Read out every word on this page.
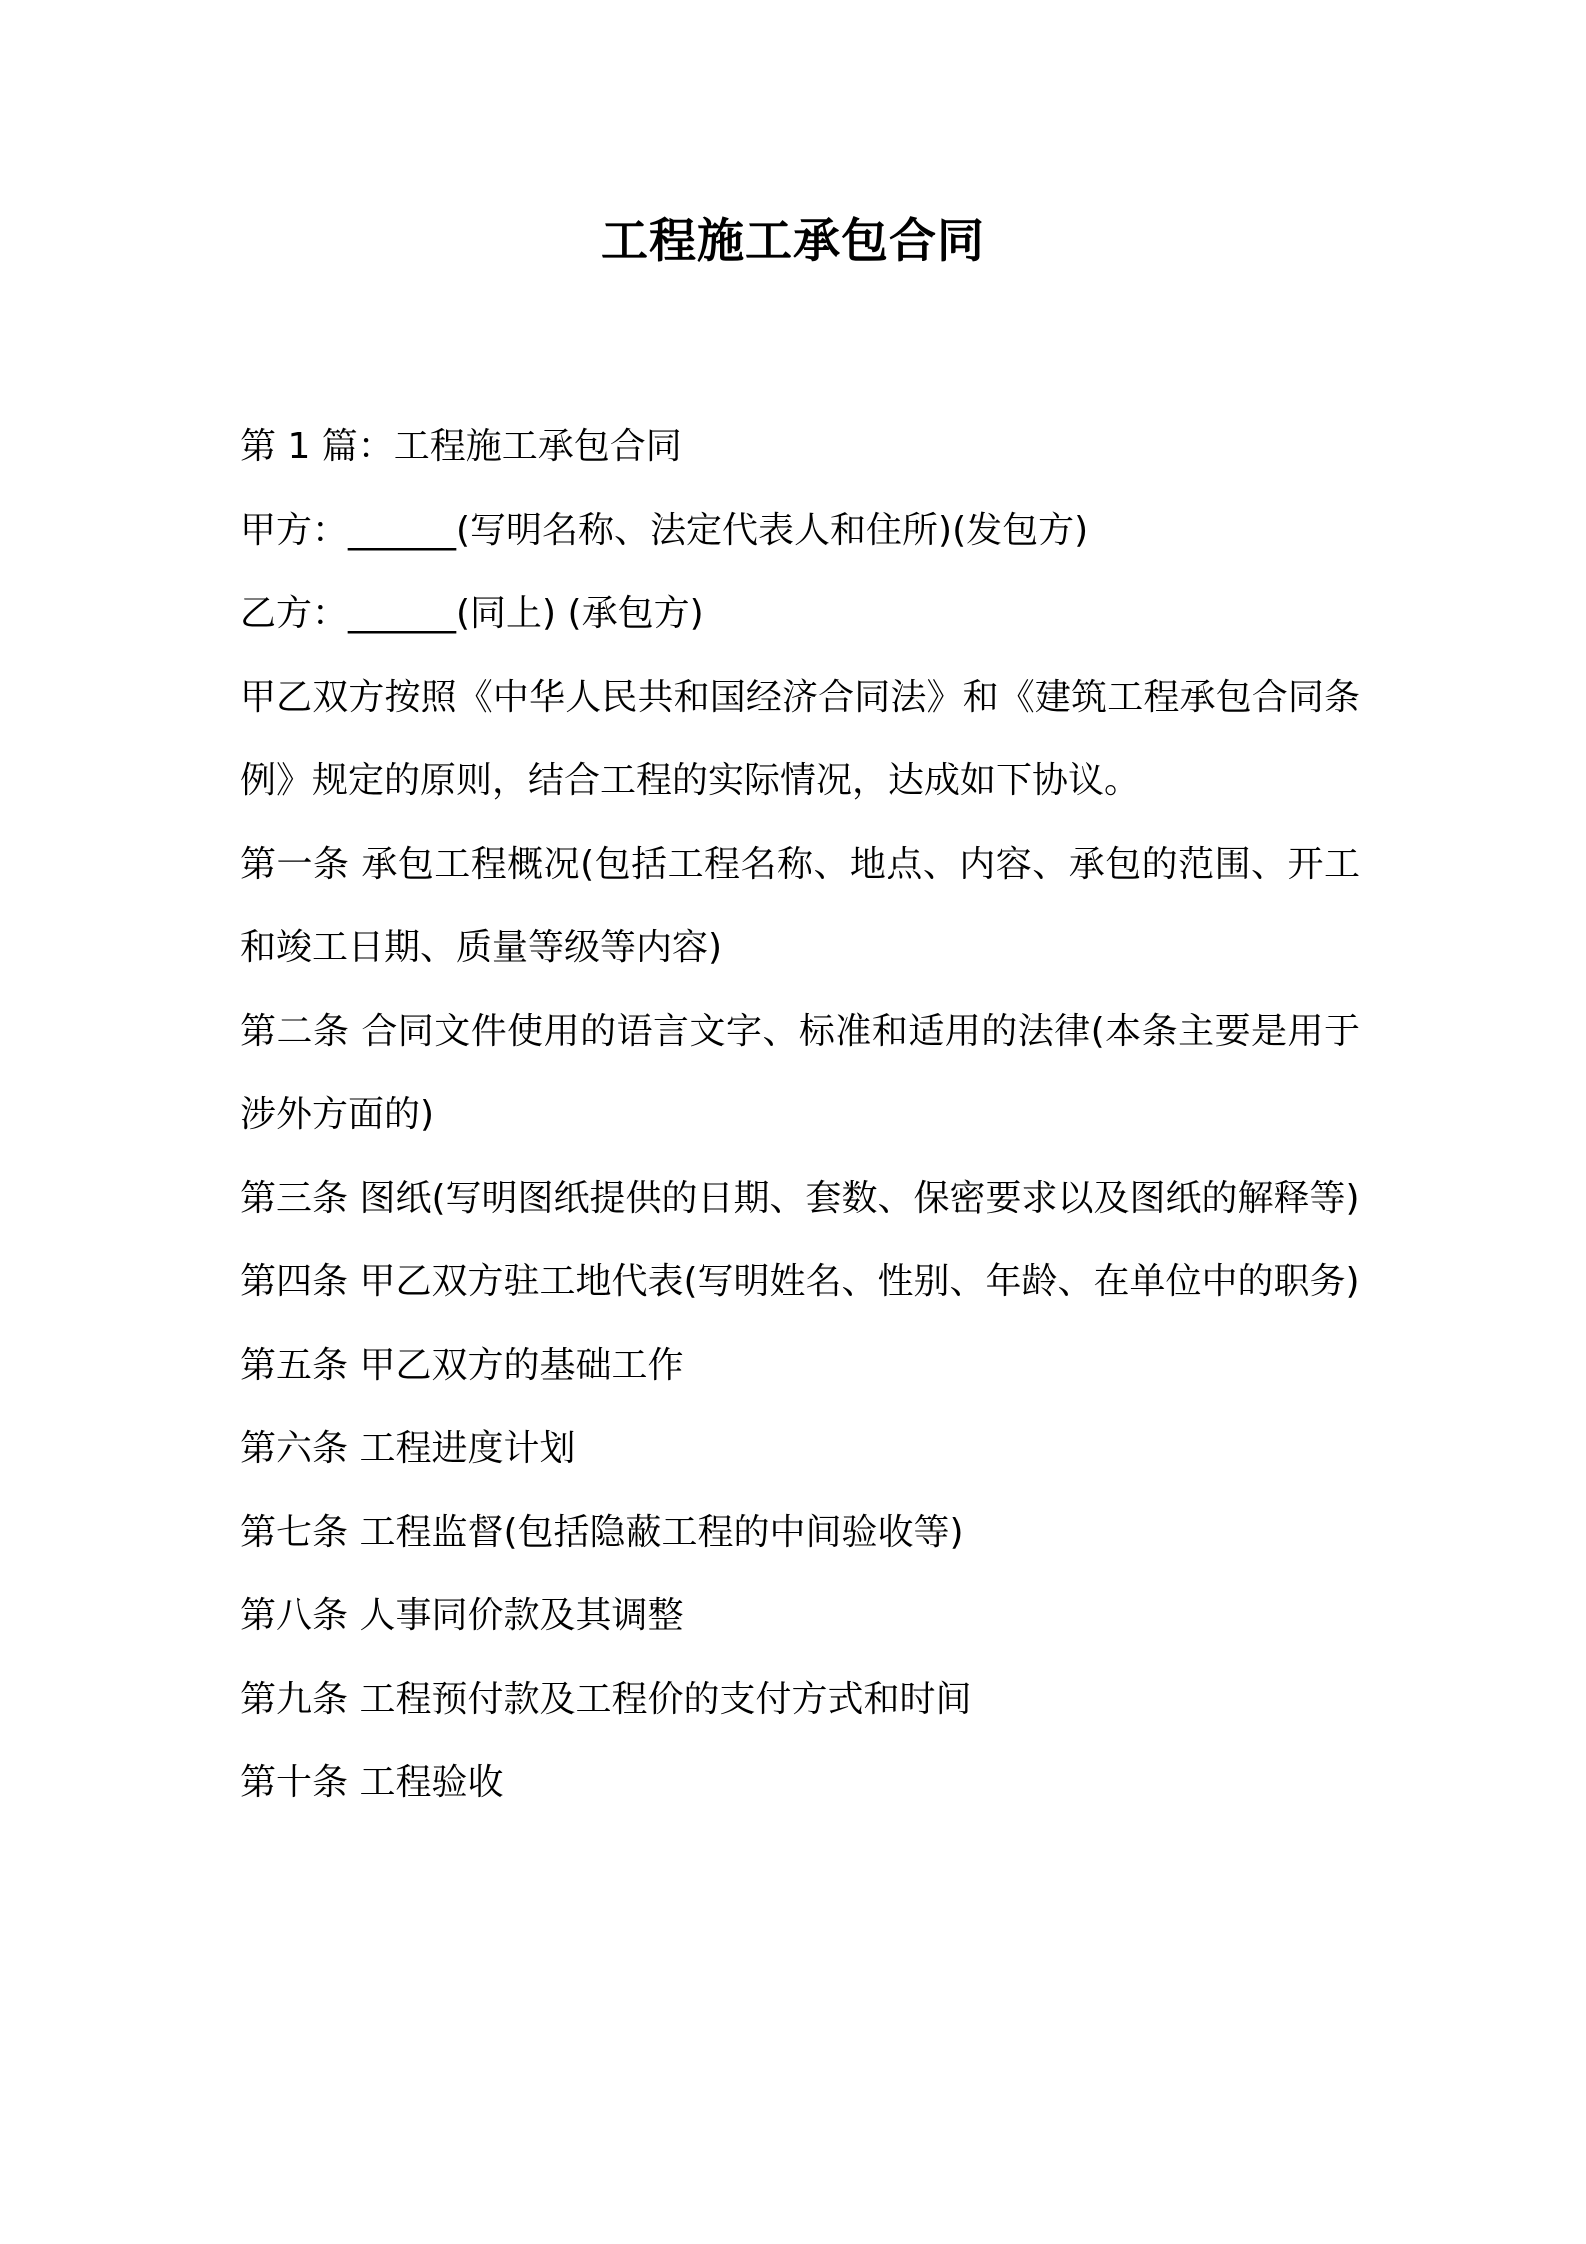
工程施工承包合同

第 1 篇：工程施工承包合同

甲方：______(写明名称、法定代表人和住所)(发包方)

乙方：______(同上) (承包方)

甲乙双方按照《中华人民共和国经济合同法》和《建筑工程承包合同条例》规定的原则，结合工程的实际情况，达成如下协议。

第一条 承包工程概况(包括工程名称、地点、内容、承包的范围、开工和竣工日期、质量等级等内容)

第二条 合同文件使用的语言文字、标准和适用的法律(本条主要是用于涉外方面的)

第三条 图纸(写明图纸提供的日期、套数、保密要求以及图纸的解释等)

第四条 甲乙双方驻工地代表(写明姓名、性别、年龄、在单位中的职务)

第五条 甲乙双方的基础工作

第六条 工程进度计划

第七条 工程监督(包括隐蔽工程的中间验收等)

第八条 人事同价款及其调整

第九条 工程预付款及工程价的支付方式和时间

第十条 工程验收
